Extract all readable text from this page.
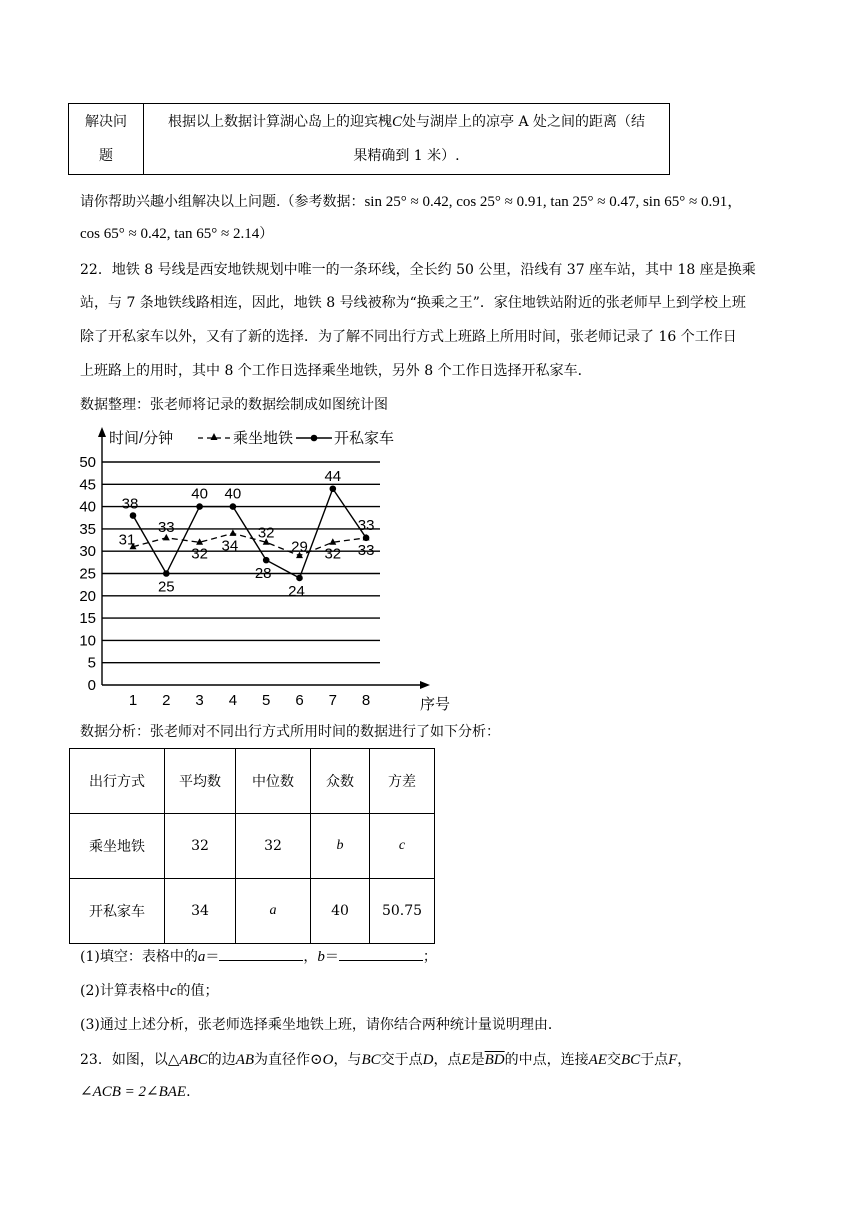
解决问
题

根据以上数据计算湖心岛上的迎宾槐C处与湖岸上的凉亭 A 处之间的距离（结
果精确到 1 米）.
请你帮助兴趣小组解决以上问题.（参考数据：sin 25° ≈ 0.42, cos 25° ≈ 0.91, tan 25° ≈ 0.47, sin 65° ≈ 0.91，
cos 65° ≈ 0.42, tan 65° ≈ 2.14）
22．地铁 8 号线是西安地铁规划中唯一的一条环线，全长约 50 公里，沿线有 37 座车站，其中 18 座是换乘
站，与 7 条地铁线路相连，因此，地铁 8 号线被称为“换乘之王”．家住地铁站附近的张老师早上到学校上班
除了开私家车以外，又有了新的选择．为了解不同出行方式上班路上所用时间，张老师记录了 16 个工作日
上班路上的用时，其中 8 个工作日选择乘坐地铁，另外 8 个工作日选择开私家车．
数据整理：张老师将记录的数据绘制成如图统计图
0
5
10
15
20
25
30
35
40
45
50
1 2 3 4 5 6 7 8	序号
31
33
32 34
32
29 32 33
38
25
40 40
28
24
44
33
时间/分钟	乘坐地铁	开私家车
数据分析：张老师对不同出行方式所用时间的数据进行了如下分析：
出行方式	平均数	中位数	众数	方差
乘坐地铁	32	32	b	c
开私家车	34	a	40	50.75
(1)填空：表格中的a＝	，b＝	；
(2)计算表格中c的值；
(3)通过上述分析，张老师选择乘坐地铁上班，请你结合两种统计量说明理由．
23．如图，以△ABC的边AB为直径作⊙O，与BC交于点D，点E是$\overline{BD}$的中点，连接AE交BC于点F，
∠ACB = 2∠BAE.
